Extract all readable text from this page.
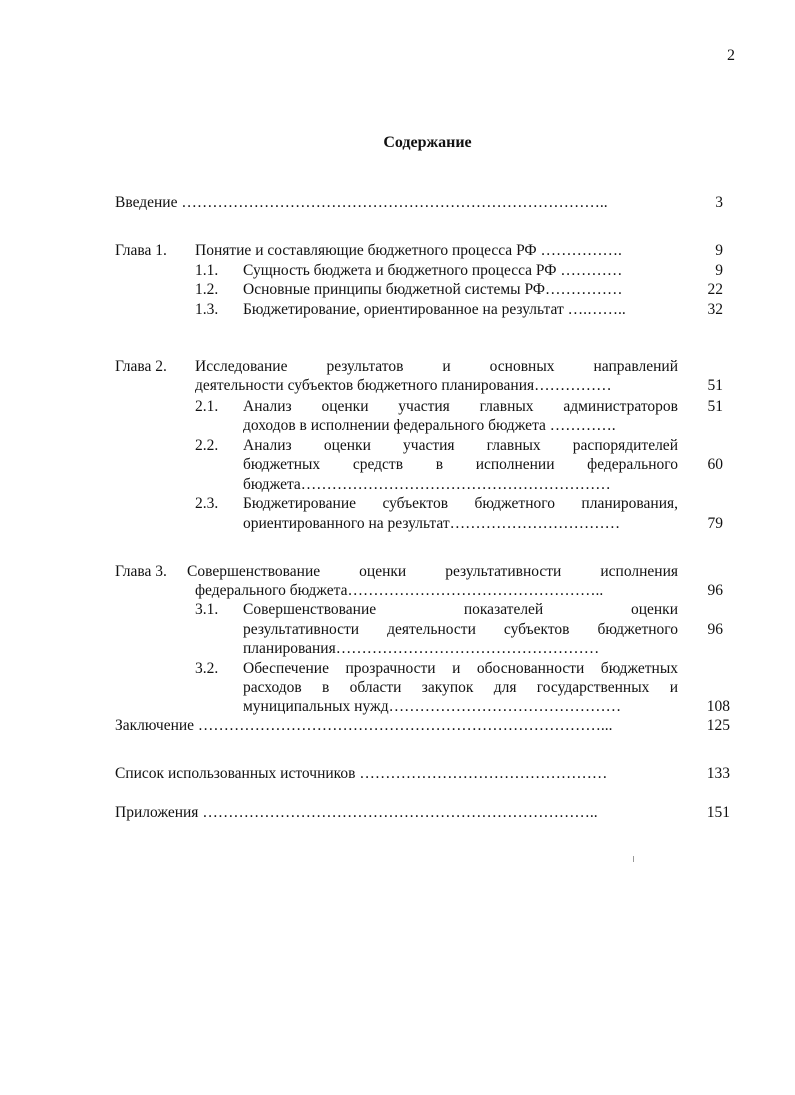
2
Содержание
Введение ………………………………………………………………………..	3
Глава 1. Понятие и составляющие бюджетного процесса РФ …………….	9
1.1. Сущность бюджета и бюджетного процесса РФ …………	9
1.2. Основные принципы бюджетной системы РФ……………	22
1.3. Бюджетирование, ориентированное на результат ….……..	32
Глава 2. Исследование результатов и основных направлений
деятельности субъектов бюджетного планирования……………	51
2.1. Анализ оценки участия главных администраторов	51
доходов в исполнении федерального бюджета ………….
2.2. Анализ оценки участия главных распорядителей
бюджетных средств в исполнении федерального	60
бюджета……………………………………………………
2.3. Бюджетирование субъектов бюджетного планирования,
ориентированного на результат……………………………	79
Глава 3. Совершенствование оценки результативности исполнения
федерального бюджета…………………………………………..	96
3.1. Совершенствование показателей оценки
результативности деятельности субъектов бюджетного	96
планирования……………………………………………
3.2. Обеспечение прозрачности и обоснованности бюджетных
расходов в области закупок для государственных и
муниципальных нужд………………………………………	108
Заключение ……………………………………………………………………...	125
Список использованных источников …………………………………………	133
Приложения …………………………………………………………………..	151
